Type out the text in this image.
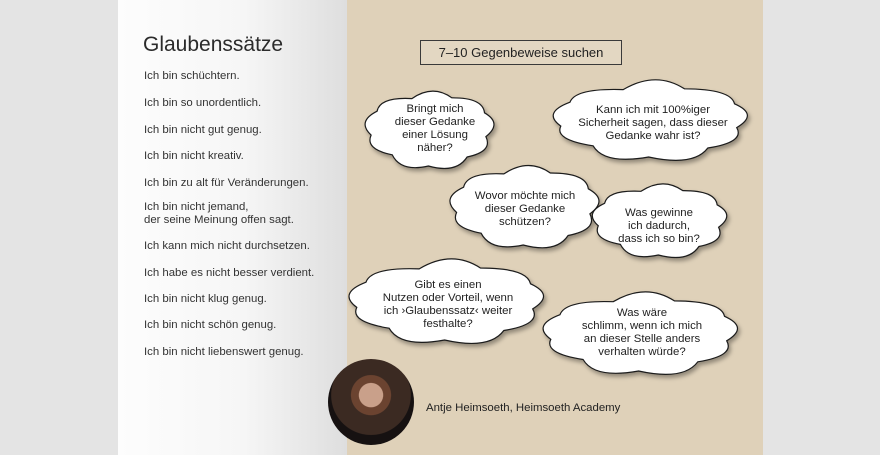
Glaubenssätze
Ich bin schüchtern.
Ich bin so unordentlich.
Ich bin nicht gut genug.
Ich bin nicht kreativ.
Ich bin zu alt für Veränderungen.
Ich bin nicht jemand,
der seine Meinung offen sagt.
Ich kann mich nicht durchsetzen.
Ich habe es nicht besser verdient.
Ich bin nicht klug genug.
Ich bin nicht schön genug.
Ich bin nicht liebenswert genug.
7–10 Gegenbeweise suchen
Bringt mich
dieser Gedanke
einer Lösung
näher?
Kann ich mit 100%iger
Sicherheit sagen, dass dieser
Gedanke wahr ist?
Wovor möchte mich
dieser Gedanke
schützen?
Was gewinne
ich dadurch,
dass ich so bin?
Gibt es einen
Nutzen oder Vorteil, wenn
ich ›Glaubenssatz‹ weiter
festhalte?
Was wäre
schlimm, wenn ich mich
an dieser Stelle anders
verhalten würde?
Antje Heimsoeth, Heimsoeth Academy
